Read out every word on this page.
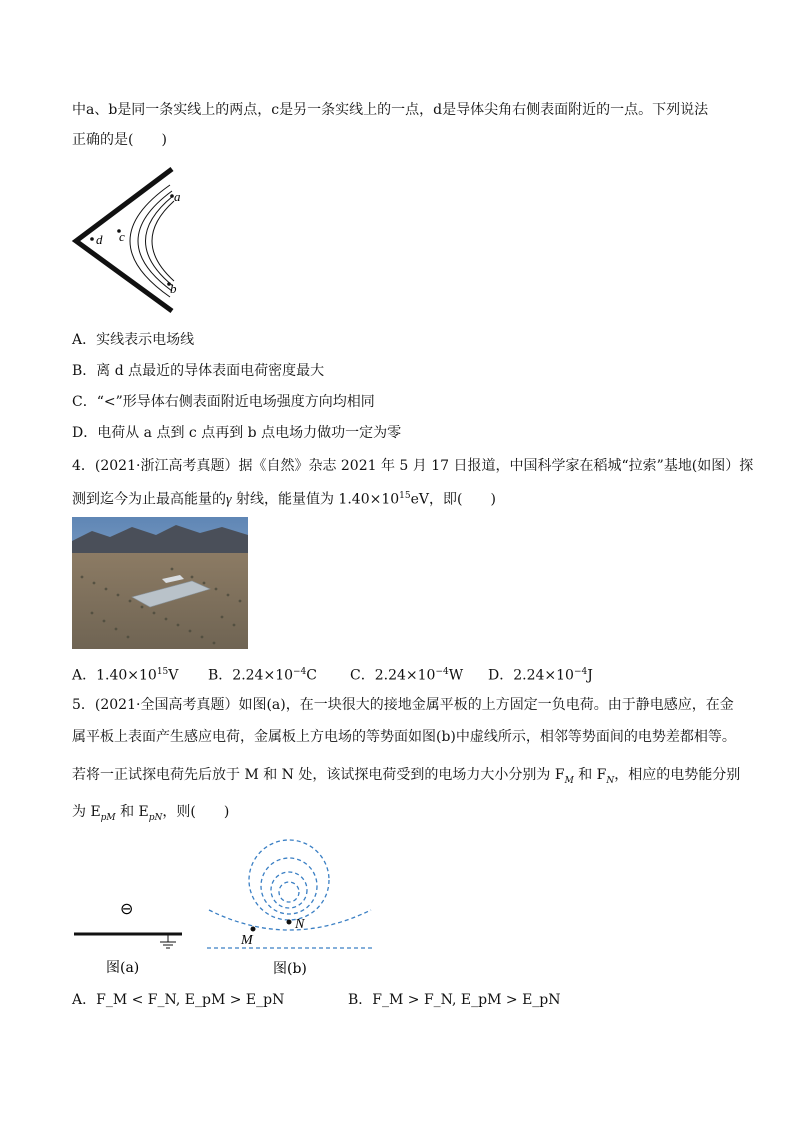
中a、b是同一条实线上的两点，c是另一条实线上的一点，d是导体尖角右侧表面附近的一点。下列说法
正确的是(　　)
a
b
c
d
A．实线表示电场线
B．离 d 点最近的导体表面电荷密度最大
C．“<”形导体右侧表面附近电场强度方向均相同
D．电荷从 a 点到 c 点再到 b 点电场力做功一定为零
4．(2021·浙江高考真题）据《自然》杂志 2021 年 5 月 17 日报道，中国科学家在稻城“拉索”基地(如图）探
测到迄今为止最高能量的γ 射线，能量值为 $1.40\times 10^{15}eV$，即(　　)
A．$1.40\times 10^{15}V$ B．$2.24\times 10^{-4}C$ C．$2.24\times 10^{-4}W$ D．$2.24\times 10^{-4}J$
5．(2021·全国高考真题）如图(a)，在一块很大的接地金属平板的上方固定一负电荷。由于静电感应，在金
属平板上表面产生感应电荷，金属板上方电场的等势面如图(b)中虚线所示，相邻等势面间的电势差都相等。
若将一正试探电荷先后放于 M 和 N 处，该试探电荷受到的电场力大小分别为 $F_M$ 和 $F_N$，相应的电势能分别
为 $E_{pM}$ 和 $E_{pN}$，则(　　)
⊖
图(a)
M
N
图(b)
A．F_M < F_N, E_pM > E_pN	B．F_M > F_N, E_pM > E_pN
